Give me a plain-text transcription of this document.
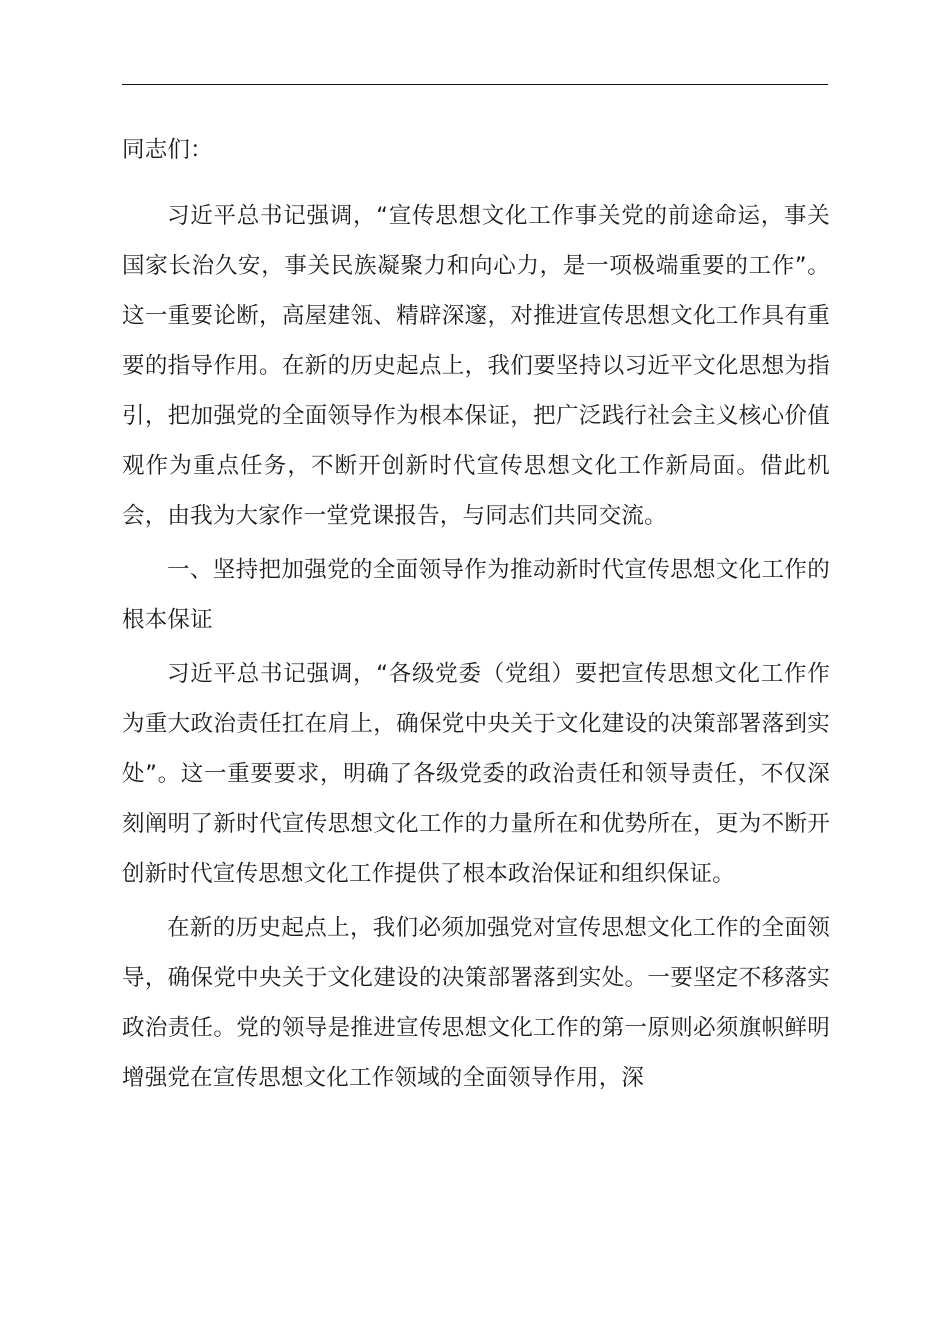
同志们：

习近平总书记强调，“宣传思想文化工作事关党的前途命运，事关国家长治久安，事关民族凝聚力和向心力，是一项极端重要的工作”。这一重要论断，高屋建瓴、精辟深邃，对推进宣传思想文化工作具有重要的指导作用。在新的历史起点上，我们要坚持以习近平文化思想为指引，把加强党的全面领导作为根本保证，把广泛践行社会主义核心价值观作为重点任务，不断开创新时代宣传思想文化工作新局面。借此机会，由我为大家作一堂党课报告，与同志们共同交流。

一、坚持把加强党的全面领导作为推动新时代宣传思想文化工作的根本保证

习近平总书记强调，“各级党委（党组）要把宣传思想文化工作作为重大政治责任扛在肩上，确保党中央关于文化建设的决策部署落到实处”。这一重要要求，明确了各级党委的政治责任和领导责任，不仅深刻阐明了新时代宣传思想文化工作的力量所在和优势所在，更为不断开创新时代宣传思想文化工作提供了根本政治保证和组织保证。

在新的历史起点上，我们必须加强党对宣传思想文化工作的全面领导，确保党中央关于文化建设的决策部署落到实处。一要坚定不移落实政治责任。党的领导是推进宣传思想文化工作的第一原则必须旗帜鲜明增强党在宣传思想文化工作领域的全面领导作用，深
